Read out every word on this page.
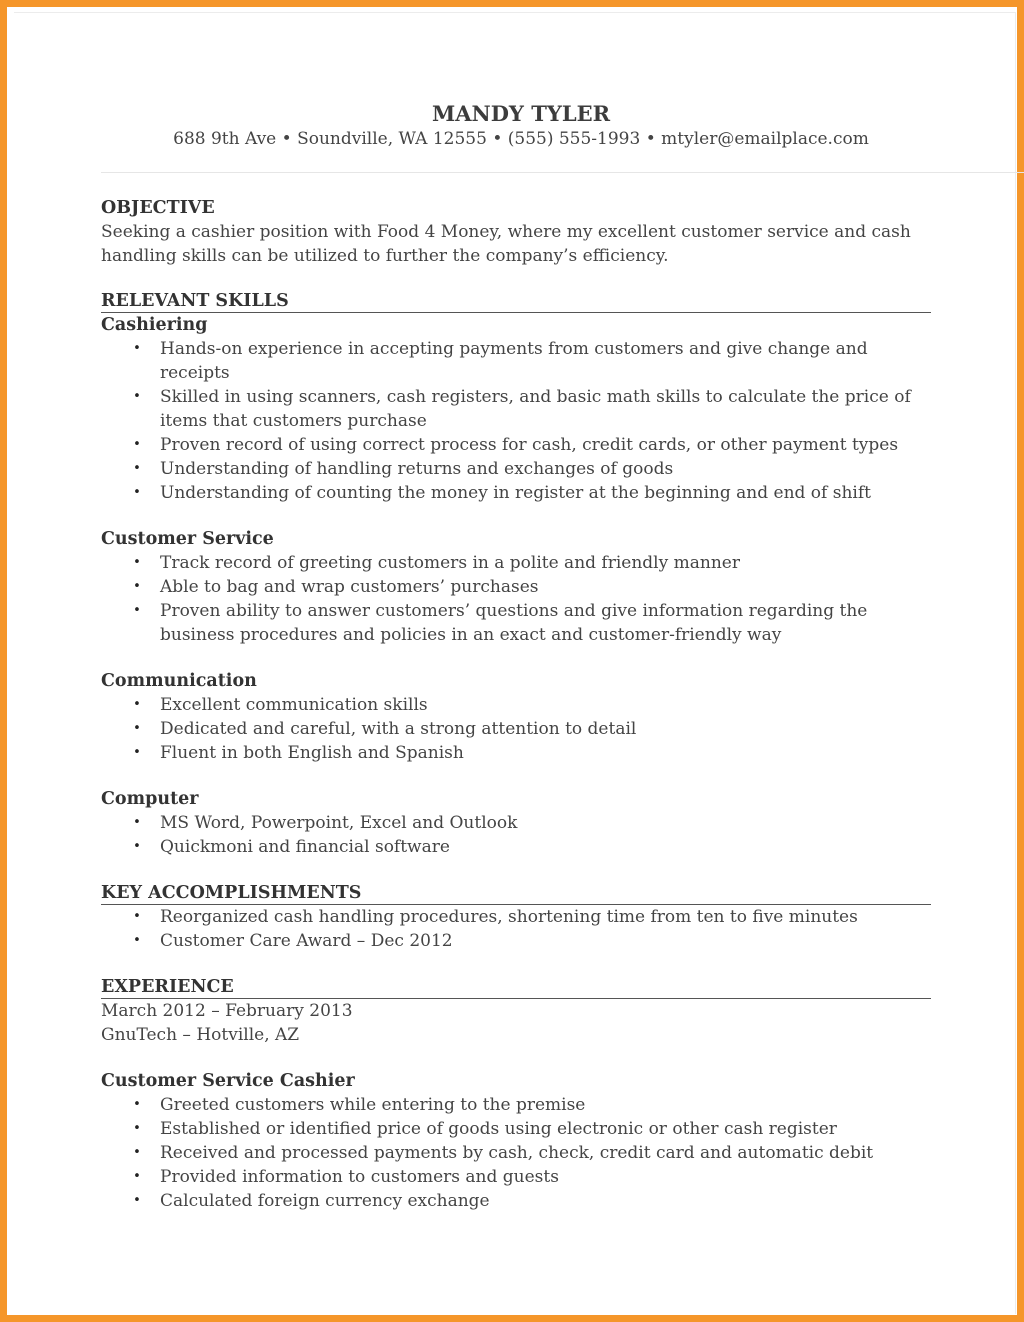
MANDY TYLER
688 9th Ave • Soundville, WA 12555 • (555) 555-1993 • mtyler@emailplace.com
OBJECTIVE
Seeking a cashier position with Food 4 Money, where my excellent customer service and cash handling skills can be utilized to further the company’s efficiency.
RELEVANT SKILLS
Cashiering
• Hands-on experience in accepting payments from customers and give change and receipts
• Skilled in using scanners, cash registers, and basic math skills to calculate the price of items that customers purchase
• Proven record of using correct process for cash, credit cards, or other payment types
• Understanding of handling returns and exchanges of goods
• Understanding of counting the money in register at the beginning and end of shift
Customer Service
• Track record of greeting customers in a polite and friendly manner
• Able to bag and wrap customers’ purchases
• Proven ability to answer customers’ questions and give information regarding the business procedures and policies in an exact and customer-friendly way
Communication
• Excellent communication skills
• Dedicated and careful, with a strong attention to detail
• Fluent in both English and Spanish
Computer
• MS Word, Powerpoint, Excel and Outlook
• Quickmoni and financial software
KEY ACCOMPLISHMENTS
• Reorganized cash handling procedures, shortening time from ten to five minutes
• Customer Care Award – Dec 2012
EXPERIENCE
March 2012 – February 2013
GnuTech – Hotville, AZ
Customer Service Cashier
• Greeted customers while entering to the premise
• Established or identified price of goods using electronic or other cash register
• Received and processed payments by cash, check, credit card and automatic debit
• Provided information to customers and guests
• Calculated foreign currency exchange
